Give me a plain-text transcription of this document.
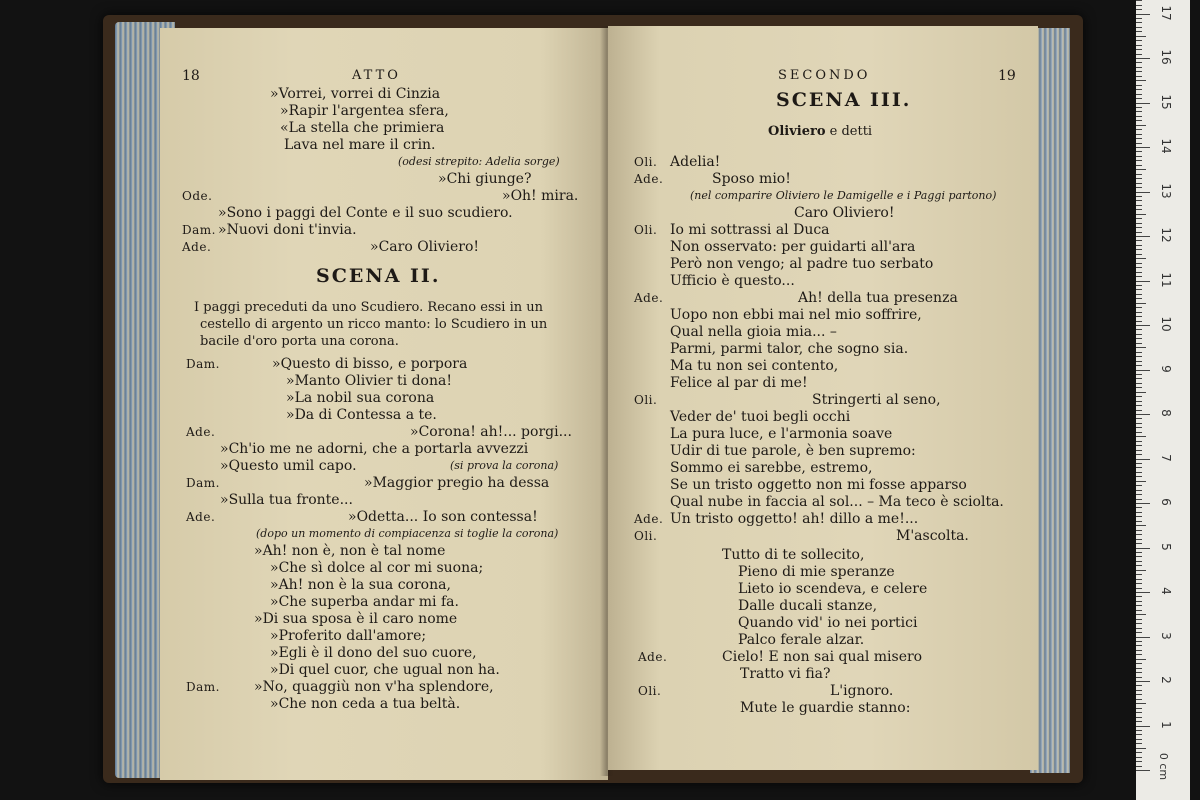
18	ATTO
»Vorrei, vorrei di Cinzia
»Rapir l'argentea sfera,
«La stella che primiera
Lava nel mare il crin.
(odesi strepito: Adelia sorge)
»Chi giunge?
Ode.	»Oh! mira.
»Sono i paggi del Conte e il suo scudiero.
Dam. »Nuovi doni t'invia.
Ade.	»Caro Oliviero!
SCENA II.
I paggi preceduti da uno Scudiero. Recano essi in un
cestello di argento un ricco manto: lo Scudiero in un
bacile d'oro porta una corona.
Dam.	»Questo di bisso, e porpora
»Manto Olivier ti dona!
»La nobil sua corona
»Da di Contessa a te.
Ade.	»Corona! ah!... porgi...
»Ch'io me ne adorni, che a portarla avvezzi
»Questo umil capo.	(si prova la corona)
Dam.	»Maggior pregio ha dessa
»Sulla tua fronte...
Ade.	»Odetta... Io son contessa!
(dopo un momento di compiacenza si toglie la corona)
»Ah! non è, non è tal nome
»Che sì dolce al cor mi suona;
»Ah! non è la sua corona,
»Che superba andar mi fa.
»Di sua sposa è il caro nome
»Proferito dall'amore;
»Egli è il dono del suo cuore,
»Di quel cuor, che ugual non ha.
Dam. »No, quaggiù non v'ha splendore,
»Che non ceda a tua beltà.
SECONDO	19
SCENA III.
Oliviero e detti
Oli. Adelia!
Ade.	Sposo mio!
(nel comparire Oliviero le Damigelle e i Paggi partono)
Caro Oliviero!
Oli. Io mi sottrassi al Duca
Non osservato: per guidarti all'ara
Però non vengo; al padre tuo serbato
Ufficio è questo...
Ade.	Ah! della tua presenza
Uopo non ebbi mai nel mio soffrire,
Qual nella gioia mia... –
Parmi, parmi talor, che sogno sia.
Ma tu non sei contento,
Felice al par di me!
Oli.	Stringerti al seno,
Veder de' tuoi begli occhi
La pura luce, e l'armonia soave
Udir di tue parole, è ben supremo:
Sommo ei sarebbe, estremo,
Se un tristo oggetto non mi fosse apparso
Qual nube in faccia al sol... – Ma teco è sciolta.
Ade. Un tristo oggetto! ah! dillo a me!...
Oli.	M'ascolta.
Tutto di te sollecito,
Pieno di mie speranze
Lieto io scendeva, e celere
Dalle ducali stanze,
Quando vid' io nei portici
Palco ferale alzar.
Ade.	Cielo! E non sai qual misero
Tratto vi fia?
Oli.	L'ignoro.
Mute le guardie stanno:
0 cm
1
2
3
4
5
6
7
8
9
10
11
12
13
14
15
16
17
